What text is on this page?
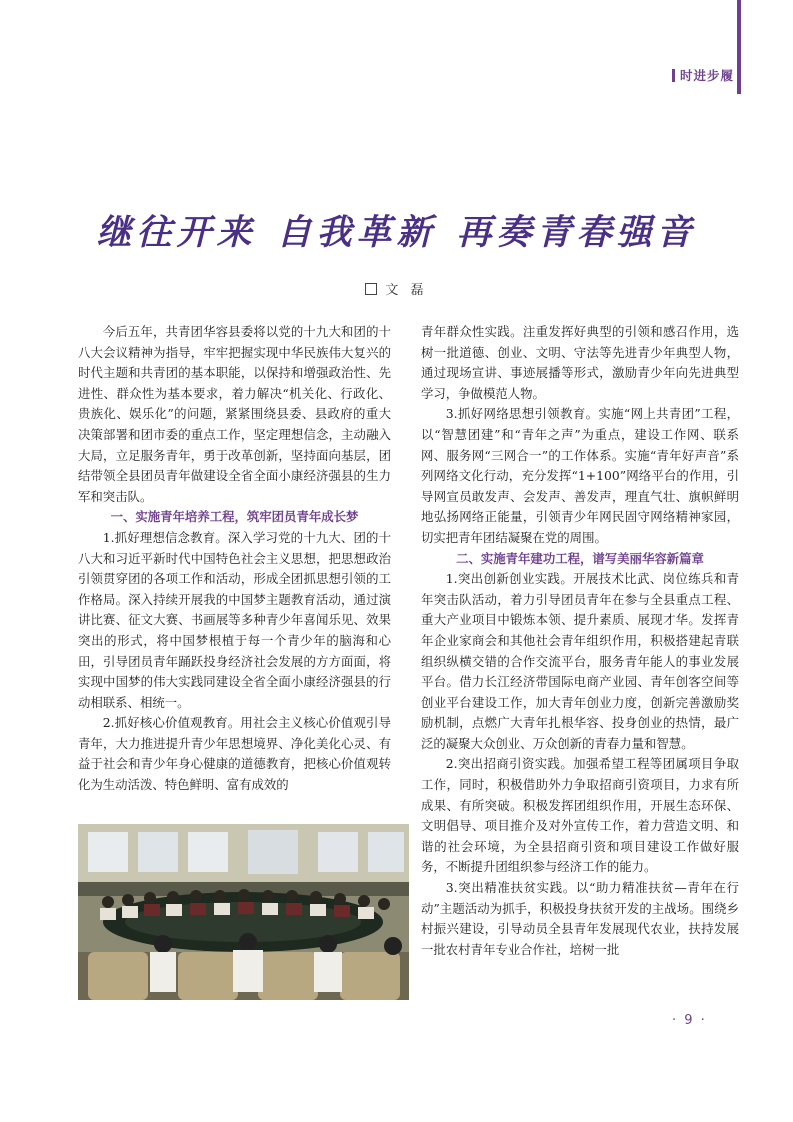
时进步履
继往开来 自我革新 再奏青春强音
文 磊

今后五年，共青团华容县委将以党的十九大和团的十八大会议精神为指导，牢牢把握实现中华民族伟大复兴的时代主题和共青团的基本职能，以保持和增强政治性、先进性、群众性为基本要求，着力解决“机关化、行政化、贵族化、娱乐化”的问题，紧紧围绕县委、县政府的重大决策部署和团市委的重点工作，坚定理想信念，主动融入大局，立足服务青年，勇于改革创新，坚持面向基层，团结带领全县团员青年做建设全省全面小康经济强县的生力军和突击队。

一、实施青年培养工程，筑牢团员青年成长梦

1.抓好理想信念教育。深入学习党的十九大、团的十八大和习近平新时代中国特色社会主义思想，把思想政治引领贯穿团的各项工作和活动，形成全团抓思想引领的工作格局。深入持续开展我的中国梦主题教育活动，通过演讲比赛、征文大赛、书画展等多种青少年喜闻乐见、效果突出的形式，将中国梦根植于每一个青少年的脑海和心田，引导团员青年踊跃投身经济社会发展的方方面面，将实现中国梦的伟大实践同建设全省全面小康经济强县的行动相联系、相统一。

2.抓好核心价值观教育。用社会主义核心价值观引导青年，大力推进提升青少年思想境界、净化美化心灵、有益于社会和青少年身心健康的道德教育，把核心价值观转化为生动活泼、特色鲜明、富有成效的

青年群众性实践。注重发挥好典型的引领和感召作用，选树一批道德、创业、文明、守法等先进青少年典型人物，通过现场宣讲、事迹展播等形式，激励青少年向先进典型学习，争做模范人物。

3.抓好网络思想引领教育。实施“网上共青团”工程，以“智慧团建”和“青年之声”为重点，建设工作网、联系网、服务网“三网合一”的工作体系。实施“青年好声音”系列网络文化行动，充分发挥“1+100”网络平台的作用，引导网宣员敢发声、会发声、善发声，理直气壮、旗帜鲜明地弘扬网络正能量，引领青少年网民固守网络精神家园，切实把青年团结凝聚在党的周围。

二、实施青年建功工程，谱写美丽华容新篇章

1.突出创新创业实践。开展技术比武、岗位练兵和青年突击队活动，着力引导团员青年在参与全县重点工程、重大产业项目中锻炼本领、提升素质、展现才华。发挥青年企业家商会和其他社会青年组织作用，积极搭建起青联组织纵横交错的合作交流平台，服务青年能人的事业发展平台。借力长江经济带国际电商产业园、青年创客空间等创业平台建设工作，加大青年创业力度，创新完善激励奖励机制，点燃广大青年扎根华容、投身创业的热情，最广泛的凝聚大众创业、万众创新的青春力量和智慧。

2.突出招商引资实践。加强希望工程等团属项目争取工作，同时，积极借助外力争取招商引资项目，力求有所成果、有所突破。积极发挥团组织作用，开展生态环保、文明倡导、项目推介及对外宣传工作，着力营造文明、和谐的社会环境，为全县招商引资和项目建设工作做好服务，不断提升团组织参与经济工作的能力。

3.突出精准扶贫实践。以“助力精准扶贫—青年在行动”主题活动为抓手，积极投身扶贫开发的主战场。围绕乡村振兴建设，引导动员全县青年发展现代农业，扶持发展一批农村青年专业合作社，培树一批

· 9 ·
